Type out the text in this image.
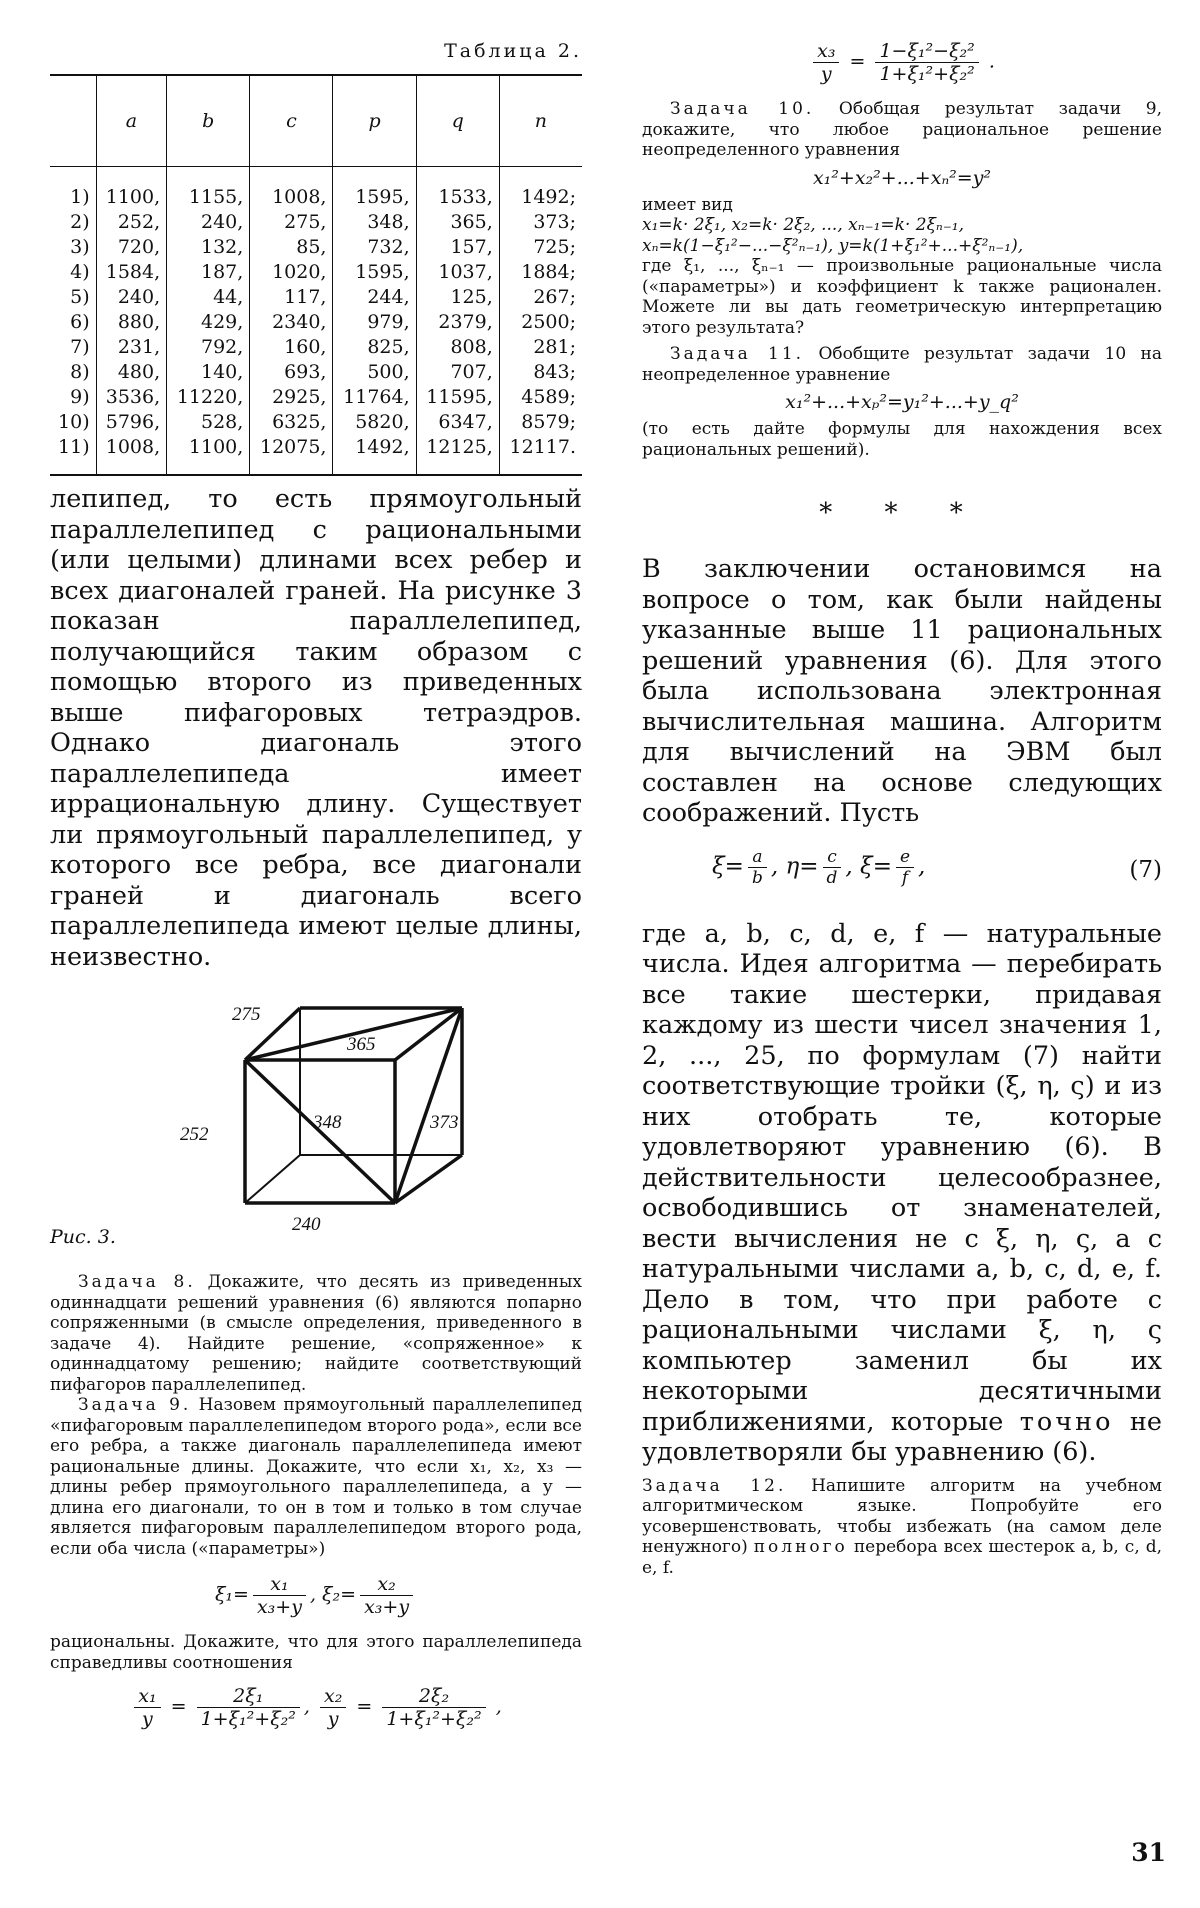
Таблица 2.

	a	b	c	p	q	n
1)	1100,	1155,	1008,	1595,	1533,	1492;
2)	252,	240,	275,	348,	365,	373;
3)	720,	132,	85,	732,	157,	725;
4)	1584,	187,	1020,	1595,	1037,	1884;
5)	240,	44,	117,	244,	125,	267;
6)	880,	429,	2340,	979,	2379,	2500;
7)	231,	792,	160,	825,	808,	281;
8)	480,	140,	693,	500,	707,	843;
9)	3536,	11220,	2925,	11764,	11595,	4589;
10)	5796,	528,	6325,	5820,	6347,	8579;
11)	1008,	1100,	12075,	1492,	12125,	12117.

лепипед, то есть прямоугольный параллелепипед с рациональными (или целыми) длинами всех ребер и всех диагоналей граней. На рисунке 3 показан параллелепипед, получающийся таким образом с помощью второго из приведенных выше пифагоровых тетраэдров. Однако диагональ этого параллелепипеда имеет иррациональную длину. Существует ли прямоугольный параллелепипед, у которого все ребра, все диагонали граней и диагональ всего параллелепипеда имеют целые длины, неизвестно.

275
365
252
348	373
240
Рис. 3.

Задача 8. Докажите, что десять из приведенных одиннадцати решений уравнения (6) являются попарно сопряженными (в смысле определения, приведенного в задаче 4). Найдите решение, «сопряженное» к одиннадцатому решению; найдите соответствующий пифагоров параллелепипед.

Задача 9. Назовем прямоугольный параллелепипед «пифагоровым параллелепипедом второго рода», если все его ребра, а также диагональ параллелепипеда имеют рациональные длины. Докажите, что если x₁, x₂, x₃ — длины ребер прямоугольного параллелепипеда, а y — длина его диагонали, то он в том и только в том случае является пифагоровым параллелепипедом второго рода, если оба числа («параметры»)

$\xi_1= \frac{\text{x₁}}{\text{x₃+y}}$ , $\xi_2= \frac{\text{x₂}}{\text{x₃+y}}$

рациональны. Докажите, что для этого параллелепипеда справедливы соотношения

$\frac{\text{x₁}}{y} = \frac{\text{2ξ₁}}{\text{1+ξ₁²+ξ₂²}}$ , $\frac{\text{x₂}}{y} = \frac{\text{2ξ₂}}{\text{1+ξ₁²+ξ₂²}}$ ,
$\frac{\text{x₃}}{y} = \frac{\text{1−ξ₁²−ξ₂²}}{\text{1+ξ₁²+ξ₂²}}$ .

Задача 10. Обобщая результат задачи 9, докажите, что любое рациональное решение неопределенного уравнения

x₁²+x₂²+...+xₙ²=y²

имеет вид

x₁=k· 2ξ₁, x₂=k· 2ξ₂, ..., xₙ₋₁=k· 2ξₙ₋₁,

xₙ=k(1−ξ₁²−...−ξ²ₙ₋₁), y=k(1+ξ₁²+...+ξ²ₙ₋₁),

где ξ₁, ..., ξₙ₋₁ — произвольные рациональные числа («параметры») и коэффициент k также рационален. Можете ли вы дать геометрическую интерпретацию этого результата?

Задача 11. Обобщите результат задачи 10 на неопределенное уравнение

x₁²+...+xₚ²=y₁²+...+y_q²

(то есть дайте формулы для нахождения всех рациональных решений).

* * *

В заключении остановимся на вопросе о том, как были найдены указанные выше 11 рациональных решений уравнения (6). Для этого была использована электронная вычислительная машина. Алгоритм для вычислений на ЭВМ был составлен на основе следующих соображений. Пусть

$\xi= \frac{a}{b}$ , $\eta= \frac{c}{d}$ , $\xi= \frac{e}{f}$ ,	(7)

где a, b, c, d, e, f — натуральные числа. Идея алгоритма — перебирать все такие шестерки, придавая каждому из шести чисел значения 1, 2, ..., 25, по формулам (7) найти соответствующие тройки (ξ, η, ς) и из них отобрать те, которые удовлетворяют уравнению (6). В действительности целесообразнее, освободившись от знаменателей, вести вычисления не с ξ, η, ς, а с натуральными числами a, b, c, d, e, f. Дело в том, что при работе с рациональными числами ξ, η, ς компьютер заменил бы их некоторыми десятичными приближениями, которые точно не удовлетворяли бы уравнению (6).

Задача 12. Напишите алгоритм на учебном алгоритмическом языке. Попробуйте его усовершенствовать, чтобы избежать (на самом деле ненужного) полного перебора всех шестерок a, b, c, d, e, f.

31
